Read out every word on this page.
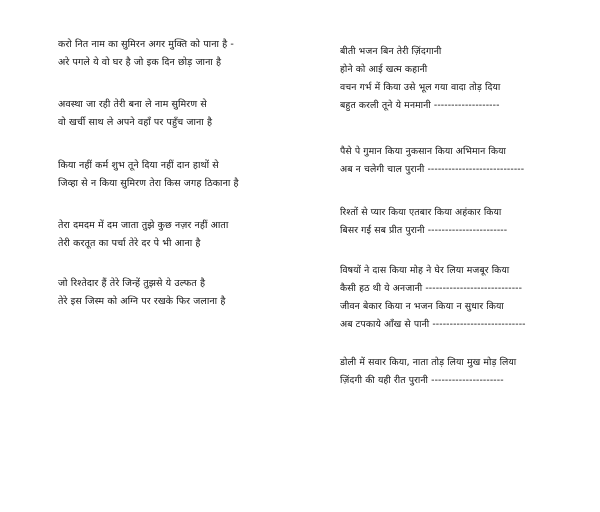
करो नित नाम का सुमिरन अगर मुक्ति को पाना है -
अरे पगले ये वो घर है जो इक दिन छोड़ जाना है
अवस्था जा रही तेरी बना ले नाम सुमिरण से
वो खर्ची साथ ले अपने वहाँ पर पहुँच जाना है
किया नहीं कर्म शुभ तूने दिया नहीं दान हाथों से
जिव्हा से न किया सुमिरण तेरा किस जगह ठिकाना है
तेरा दमदम में दम जाता तुझे कुछ नज़र नहीं आता
तेरी करतूत का पर्चा तेरे दर पे भी आना है
जो रिश्तेदार हैं तेरे जिन्हें तुझसे ये उल्फत है
तेरे इस जिस्म को अग्नि पर रखके फिर जलाना है
बीती भजन बिन तेरी ज़िंदगानी
होने को आई खत्म कहानी
वचन गर्भ में किया उसे भूल गया वादा तोड़ दिया
बहुत करली तूने ये मनमानी -------------------
पैसे पे गुमान किया नुकसान किया अभिमान किया
अब न चलेगी चाल पुरानी ----------------------------
रिश्तों से प्यार किया एतबार किया अहंकार किया
बिसर गई सब प्रीत पुरानी -----------------------
विषयों ने दास किया मोह ने घेर लिया मजबूर किया
कैसी हठ थी ये अनजानी ----------------------------
जीवन बेकार किया न भजन किया न सुधार किया
अब टपकाये आँख से पानी ---------------------------
डोली में सवार किया, नाता तोड़ लिया मुख मोड़ लिया
ज़िंदगी की यही रीत पुरानी ---------------------
